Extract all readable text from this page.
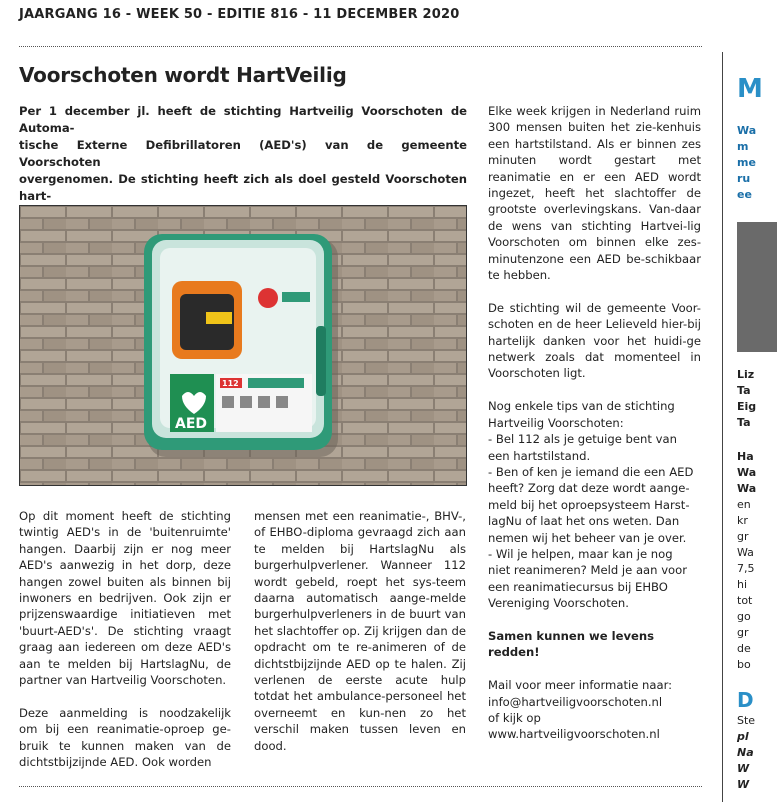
JAARGANG 16 - WEEK 50 - EDITIE 816 - 11 DECEMBER 2020
Voorschoten wordt HartVeilig
Per 1 december jl. heeft de stichting Hartveilig Voorschoten de Automa-
tische Externe Defibrillatoren (AED's) van de gemeente Voorschoten
overgenomen. De stichting heeft zich als doel gesteld Voorschoten hart-
AED
112

Op dit moment heeft de stichting twintig AED's in de 'buitenruimte' hangen. Daarbij zijn er nog meer AED's aanwezig in het dorp, deze hangen zowel buiten als binnen bij inwoners en bedrijven. Ook zijn er prijzenswaardige initiatieven met 'buurt-AED's'. De stichting vraagt graag aan iedereen om deze AED's aan te melden bij HartslagNu, de partner van Hartveilig Voorschoten.

Deze aanmelding is noodzakelijk om bij een reanimatie-oproep ge-bruik te kunnen maken van de dichtstbijzijnde AED. Ook worden

mensen met een reanimatie-, BHV-, of EHBO-diploma gevraagd zich aan te melden bij HartslagNu als burgerhulpverlener. Wanneer 112 wordt gebeld, roept het sys-teem daarna automatisch aange-melde burgerhulpverleners in de buurt van het slachtoffer op. Zij krijgen dan de opdracht om te re-animeren of de dichtstbijzijnde AED op te halen. Zij verlenen de eerste acute hulp totdat het ambulance-personeel het overneemt en kun-nen zo het verschil maken tussen leven en dood.

Elke week krijgen in Nederland ruim 300 mensen buiten het zie-kenhuis een hartstilstand. Als er binnen zes minuten wordt gestart met reanimatie en er een AED wordt ingezet, heeft het slachtoffer de grootste overlevingskans. Van-daar de wens van stichting Hartvei-lig Voorschoten om binnen elke zes-minutenzone een AED be-schikbaar te hebben.

De stichting wil de gemeente Voor-schoten en de heer Lelieveld hier-bij hartelijk danken voor het huidi-ge netwerk zoals dat momenteel in Voorschoten ligt.

Nog enkele tips van de stichting
Hartveilig Voorschoten:
- Bel 112 als je getuige bent van
een hartstilstand.
- Ben of ken je iemand die een AED
heeft? Zorg dat deze wordt aange-
meld bij het oproepsysteem Harst-
lagNu of laat het ons weten. Dan
nemen wij het beheer van je over.
- Wil je helpen, maar kan je nog
niet reanimeren? Meld je aan voor
een reanimatiecursus bij EHBO
Vereniging Voorschoten.

Samen kunnen we levens redden!

Mail voor meer informatie naar:
info@hartveiligvoorschoten.nl
of kijk op
www.hartveiligvoorschoten.nl
M
Wa
m
me
ru
ee
Liz
Ta
Eig
Ta
Ha
Wa
Wa
en
kr
gr
Wa
7,5
hi
tot
go
gr
de
bo
D
Ste
pl
Na
W
W
